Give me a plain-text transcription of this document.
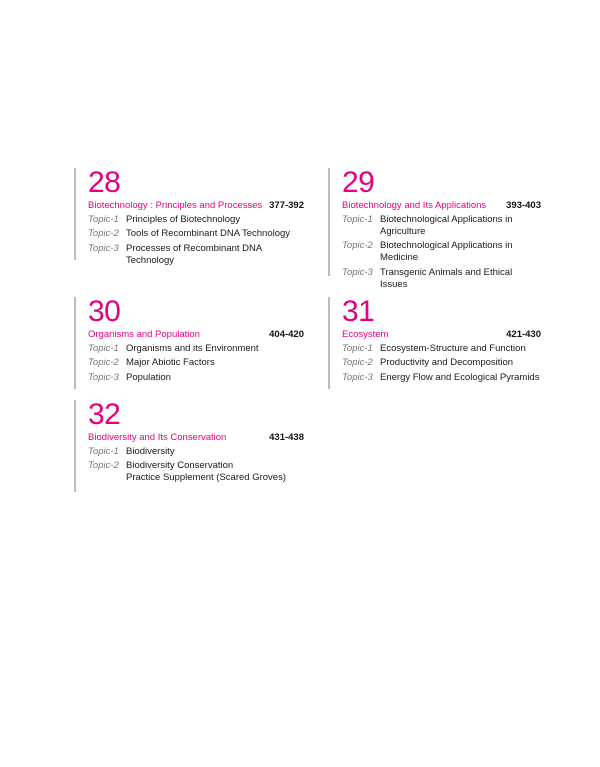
28
Biotechnology : Principles and Processes 377-392
Topic-1 Principles of Biotechnology
Topic-2 Tools of Recombinant DNA Technology
Topic-3 Processes of Recombinant DNA Technology
29
Biotechnology and Its Applications 393-403
Topic-1 Biotechnological Applications in Agriculture
Topic-2 Biotechnological Applications in Medicine
Topic-3 Transgenic Animals and Ethical Issues
30
Organisms and Population	404-420
Topic-1 Organisms and its Environment
Topic-2 Major Abiotic Factors
Topic-3 Population
31
Ecosystem	421-430
Topic-1 Ecosystem-Structure and Function
Topic-2 Productivity and Decomposition
Topic-3 Energy Flow and Ecological Pyramids
32
Biodiversity and Its Conservation	431-438
Topic-1 Biodiversity
Topic-2 Biodiversity Conservation
Practice Supplement (Scared Groves)
